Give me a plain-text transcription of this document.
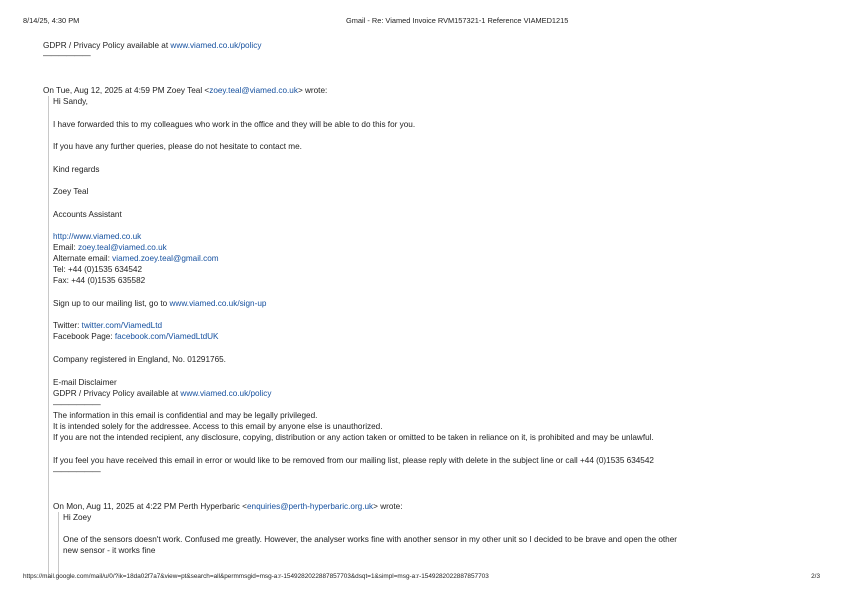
8/14/25, 4:30 PM	Gmail - Re: Viamed Invoice RVM157321-1 Reference VIAMED1215
GDPR / Privacy Policy available at www.viamed.co.uk/policy
——————
On Tue, Aug 12, 2025 at 4:59 PM Zoey Teal <zoey.teal@viamed.co.uk> wrote:
Hi Sandy,
I have forwarded this to my colleagues who work in the office and they will be able to do this for you.
If you have any further queries, please do not hesitate to contact me.
Kind regards
Zoey Teal
Accounts Assistant
http://www.viamed.co.uk
Email: zoey.teal@viamed.co.uk
Alternate email: viamed.zoey.teal@gmail.com
Tel: +44 (0)1535 634542
Fax: +44 (0)1535 635582
Sign up to our mailing list, go to www.viamed.co.uk/sign-up
Twitter: twitter.com/ViamedLtd
Facebook Page: facebook.com/ViamedLtdUK
Company registered in England, No. 01291765.
E-mail Disclaimer
GDPR / Privacy Policy available at www.viamed.co.uk/policy
——————
The information in this email is confidential and may be legally privileged.
It is intended solely for the addressee. Access to this email by anyone else is unauthorized.
If you are not the intended recipient, any disclosure, copying, distribution or any action taken or omitted to be taken in reliance on it, is prohibited and may be unlawful.
If you feel you have received this email in error or would like to be removed from our mailing list, please reply with delete in the subject line or call +44 (0)1535 634542
——————
On Mon, Aug 11, 2025 at 4:22 PM Perth Hyperbaric <enquiries@perth-hyperbaric.org.uk> wrote:
Hi Zoey
One of the sensors doesn't work. Confused me greatly. However, the analyser works fine with another sensor in my other unit so I decided to be brave and open the other
new sensor - it works fine
https://mail.google.com/mail/u/0/?ik=18da02f7a7&view=pt&search=all&permmsgid=msg-a:r-1549282022887857703&dsqt=1&simpl=msg-a:r-1549282022887857703	2/3
